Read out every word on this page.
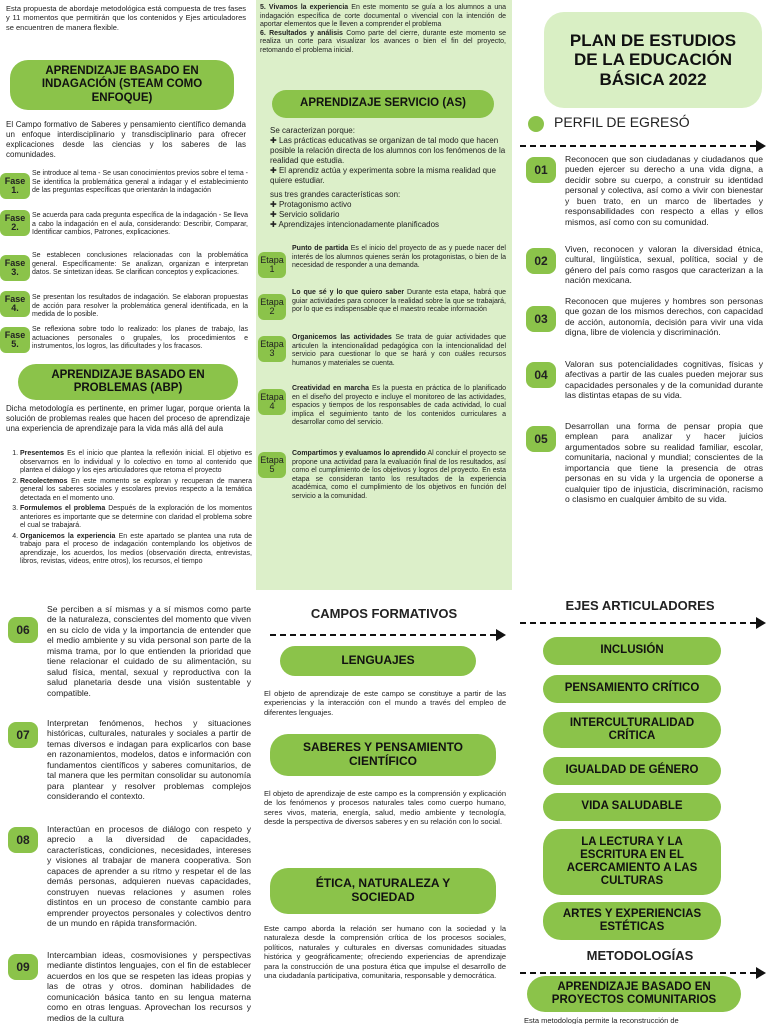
Esta propuesta de abordaje metodológica está compuesta de tres fases y 11 momentos que permitirán que los contenidos y Ejes articuladores se encuentren de manera flexible.

APRENDIZAJE BASADO EN INDAGACIÓN (STEAM COMO ENFOQUE)

El Campo formativo de Saberes y pensamiento científico demanda un enfoque interdisciplinario y transdisciplinario para ofrecer explicaciones desde las ciencias y los saberes de las comunidades.

Fase 1.

Se introduce al tema - Se usan conocimientos previos sobre el tema - Se identifica la problemática general a indagar y el establecimiento de las preguntas específicas que orientarán la indagación

Fase 2.

Se acuerda para cada pregunta específica de la indagación - Se lleva a cabo la indagación en el aula, considerando: Describir, Comparar, Identificar cambios, Patrones, explicaciones.

Fase 3.

Se establecen conclusiones relacionadas con la problemática general. Específicamente: Se analizan, organizan e interpretan datos. Se sintetizan ideas. Se clarifican conceptos y explicaciones.

Fase 4.

Se presentan los resultados de indagación. Se elaboran propuestas de acción para resolver la problemática general identificada, en la medida de lo posible.

Fase 5.

Se reflexiona sobre todo lo realizado: los planes de trabajo, las actuaciones personales o grupales, los procedimientos e instrumentos, los logros, las dificultades y los fracasos.

APRENDIZAJE BASADO EN PROBLEMAS (ABP)

Dicha metodología es pertinente, en primer lugar, porque orienta la solución de problemas reales que hacen del proceso de aprendizaje una experiencia de aprendizaje para la vida más allá del aula

1. Presentemos Es el inicio que plantea la reflexión inicial. El objetivo es observarnos en lo individual y lo colectivo en torno al contenido que plantea el diálogo y los ejes articuladores que retoma el proyecto
2. Recolectemos En este momento se exploran y recuperan de manera general los saberes sociales y escolares previos respecto a la temática detectada en el momento uno.
3. Formulemos el problema Después de la exploración de los momentos anteriores es importante que se determine con claridad el problema sobre el cual se trabajará.
4. Organicemos la experiencia En este apartado se plantea una ruta de trabajo para el proceso de indagación contemplando los objetivos de aprendizaje, los acuerdos, los medios (observación directa, entrevistas, libros, revistas, videos, entre otros), los recursos, el tiempo

5. Vivamos la experiencia En este momento se guía a los alumnos a una indagación específica de corte documental o vivencial con la intención de aportar elementos que le lleven a comprender el problema

6. Resultados y análisis Como parte del cierre, durante este momento se realiza un corte para visualizar los avances o bien el fin del proyecto, retomando el problema inicial.

APRENDIZAJE SERVICIO (AS)

Se caracterizan porque:

✚ Las prácticas educativas se organizan de tal modo que hacen posible la relación directa de los alumnos con los fenómenos de la realidad que estudia.

✚ El aprendiz actúa y experimenta sobre la misma realidad que quiere estudiar.

sus tres grandes características son:

✚ Protagonismo activo

✚ Servicio solidario

✚ Aprendizajes intencionadamente planificados

Etapa 1

Punto de partida Es el inicio del proyecto de as y puede nacer del interés de los alumnos quienes serán los protagonistas, o bien de la necesidad de responder a una demanda.

Etapa 2

Lo que sé y lo que quiero saber Durante esta etapa, habrá que guiar actividades para conocer la realidad sobre la que se trabajará, por lo que es indispensable que el maestro recabe información

Etapa 3

Organicemos las actividades Se trata de guiar actividades que articulen la intencionalidad pedagógica con la intencionalidad del servicio para cuestionar lo que se hará y con cuáles recursos humanos y materiales se cuenta.

Etapa 4

Creatividad en marcha Es la puesta en práctica de lo planificado en el diseño del proyecto e incluye el monitoreo de las actividades, espacios y tiempos de los responsables de cada actividad, lo cual implica el seguimiento tanto de los contenidos curriculares a desarrollar como del servicio.

Etapa 5

Compartimos y evaluamos lo aprendido Al concluir el proyecto se propone una actividad para la evaluación final de los resultados, así como el cumplimiento de los objetivos y logros del proyecto. En esta etapa se consideran tanto los resultados de la experiencia académica, como el cumplimiento de los objetivos en función del servicio a la comunidad.

PLAN DE ESTUDIOS DE LA EDUCACIÓN BÁSICA 2022
PERFIL DE EGRESÓ
01

Reconocen que son ciudadanas y ciudadanos que pueden ejercer su derecho a una vida digna, a decidir sobre su cuerpo, a construir su identidad personal y colectiva, así como a vivir con bienestar y buen trato, en un marco de libertades y responsabilidades con respecto a ellas y ellos mismos, así como con su comunidad.

02

Viven, reconocen y valoran la diversidad étnica, cultural, lingüística, sexual, política, social y de género del país como rasgos que caracterizan a la nación mexicana.

03

Reconocen que mujeres y hombres son personas que gozan de los mismos derechos, con capacidad de acción, autonomía, decisión para vivir una vida digna, libre de violencia y discriminación.

04

Valoran sus potencialidades cognitivas, físicas y afectivas a partir de las cuales pueden mejorar sus capacidades personales y de la comunidad durante las distintas etapas de su vida.

05

Desarrollan una forma de pensar propia que emplean para analizar y hacer juicios argumentados sobre su realidad familiar, escolar, comunitaria, nacional y mundial; conscientes de la importancia que tiene la presencia de otras personas en su vida y la urgencia de oponerse a cualquier tipo de injusticia, discriminación, racismo o clasismo en cualquier ámbito de su vida.

06

Se perciben a sí mismas y a sí mismos como parte de la naturaleza, conscientes del momento que viven en su ciclo de vida y la importancia de entender que el medio ambiente y su vida personal son parte de la misma trama, por lo que entienden la prioridad que tiene relacionar el cuidado de su alimentación, su salud física, mental, sexual y reproductiva con la salud planetaria desde una visión sustentable y compatible.

07

Interpretan fenómenos, hechos y situaciones históricas, culturales, naturales y sociales a partir de temas diversos e indagan para explicarlos con base en razonamientos, modelos, datos e información con fundamentos científicos y saberes comunitarios, de tal manera que les permitan consolidar su autonomía para plantear y resolver problemas complejos considerando el contexto.

08

Interactúan en procesos de diálogo con respeto y aprecio a la diversidad de capacidades, características, condiciones, necesidades, intereses y visiones al trabajar de manera cooperativa. Son capaces de aprender a su ritmo y respetar el de las demás personas, adquieren nuevas capacidades, construyen nuevas relaciones y asumen roles distintos en un proceso de constante cambio para emprender proyectos personales y colectivos dentro de un mundo en rápida transformación.

09

Intercambian ideas, cosmovisiones y perspectivas mediante distintos lenguajes, con el fin de establecer acuerdos en los que se respeten las ideas propias y las de otras y otros. dominan habilidades de comunicación básica tanto en su lengua materna como en otras lenguas. Aprovechan los recursos y medios de la cultura

CAMPOS FORMATIVOS
LENGUAJES

El objeto de aprendizaje de este campo se constituye a partir de las experiencias y la interacción con el mundo a través del empleo de diferentes lenguajes.

SABERES Y PENSAMIENTO CIENTÍFICO

El objeto de aprendizaje de este campo es la comprensión y explicación de los fenómenos y procesos naturales tales como cuerpo humano, seres vivos, materia, energía, salud, medio ambiente y tecnología, desde la perspectiva de diversos saberes y en su relación con lo social.

ÉTICA, NATURALEZA Y SOCIEDAD

Este campo aborda la relación ser humano con la sociedad y la naturaleza desde la comprensión crítica de los procesos sociales, políticos, naturales y culturales en diversas comunidades situadas histórica y geográficamente; ofreciendo experiencias de aprendizaje para la construcción de una postura ética que impulse el desarrollo de una ciudadanía participativa, comunitaria, responsable y democrática.

EJES ARTICULADORES
INCLUSIÓN
PENSAMIENTO CRÍTICO
INTERCULTURALIDAD CRÍTICA
IGUALDAD DE GÉNERO
VIDA SALUDABLE
LA LECTURA Y LA ESCRITURA EN EL ACERCAMIENTO A LAS CULTURAS
ARTES Y EXPERIENCIAS ESTÉTICAS
METODOLOGÍAS
APRENDIZAJE BASADO EN PROYECTOS COMUNITARIOS

Esta metodología permite la reconstrucción de
